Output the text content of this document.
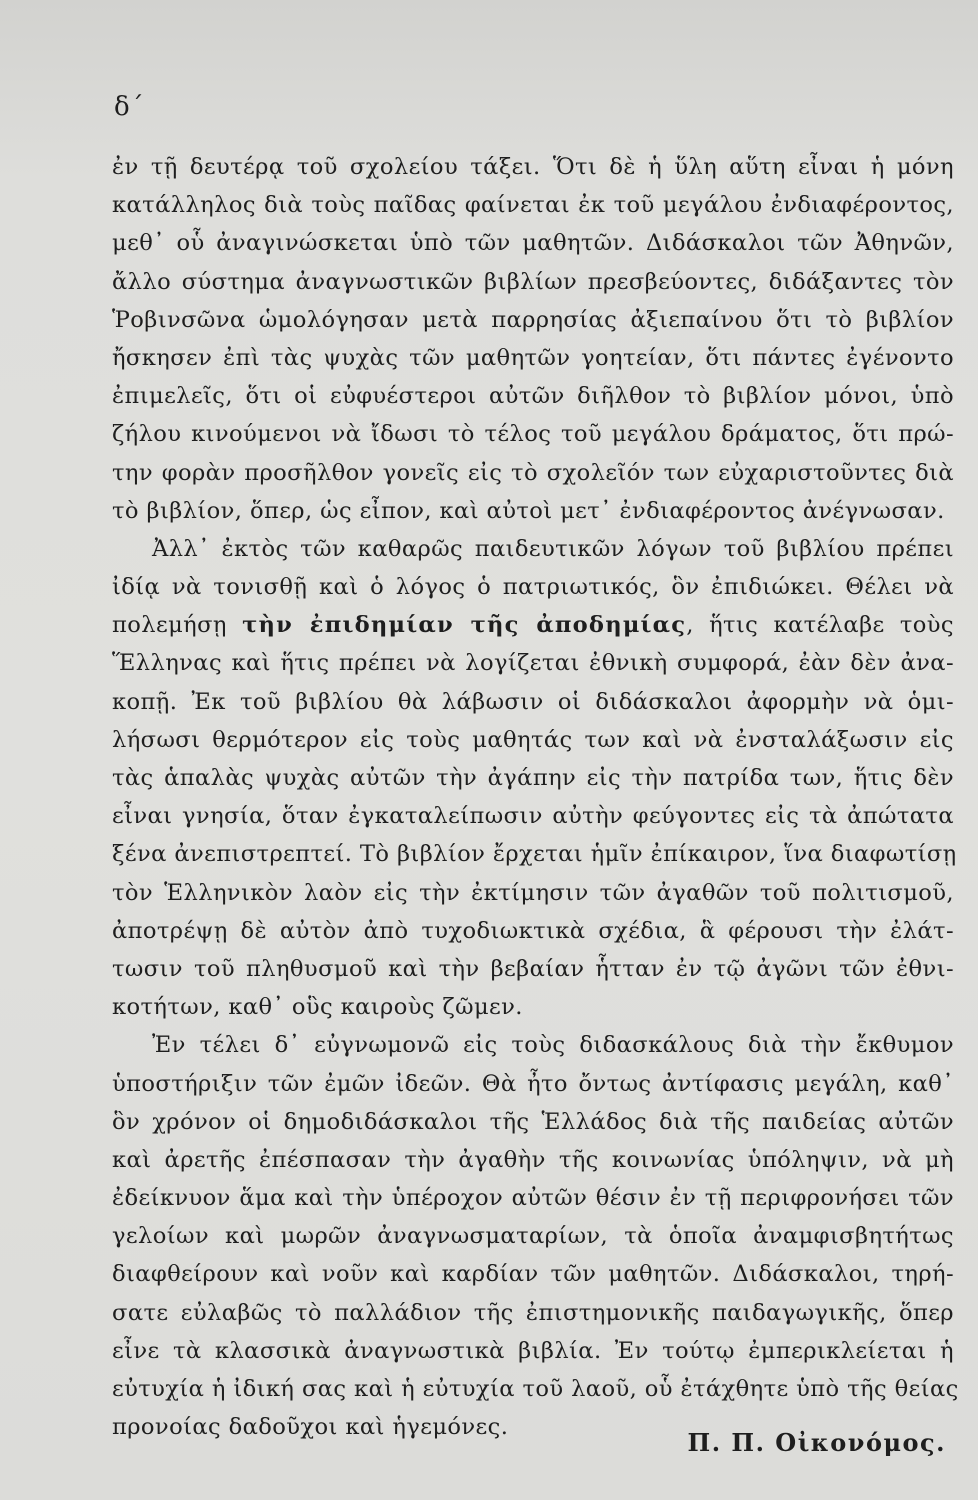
δ΄
ἐν τῇ δευτέρᾳ τοῦ σχολείου τάξει. Ὅτι δὲ ἡ ὕλη αὕτη εἶναι ἡ μόνη
κατάλληλος διὰ τοὺς παῖδας φαίνεται ἐκ τοῦ μεγάλου ἐνδιαφέροντος,
μεθ᾽ οὗ ἀναγινώσκεται ὑπὸ τῶν μαθητῶν. Διδάσκαλοι τῶν Ἀθηνῶν,
ἄλλο σύστημα ἀναγνωστικῶν βιβλίων πρεσβεύοντες, διδάξαντες τὸν
Ῥοβινσῶνα ὡμολόγησαν μετὰ παρρησίας ἀξιεπαίνου ὅτι τὸ βιβλίον
ἤσκησεν ἐπὶ τὰς ψυχὰς τῶν μαθητῶν γοητείαν, ὅτι πάντες ἐγένοντο
ἐπιμελεῖς, ὅτι οἱ εὐφυέστεροι αὐτῶν διῆλθον τὸ βιβλίον μόνοι, ὑπὸ
ζήλου κινούμενοι νὰ ἴδωσι τὸ τέλος τοῦ μεγάλου δράματος, ὅτι πρώ-
την φορὰν προσῆλθον γονεῖς εἰς τὸ σχολεῖόν των εὐχαριστοῦντες διὰ
τὸ βιβλίον, ὅπερ, ὡς εἶπον, καὶ αὐτοὶ μετ᾽ ἐνδιαφέροντος ἀνέγνωσαν.
Ἀλλ᾽ ἐκτὸς τῶν καθαρῶς παιδευτικῶν λόγων τοῦ βιβλίου πρέπει
ἰδίᾳ νὰ τονισθῇ καὶ ὁ λόγος ὁ πατριωτικός, ὃν ἐπιδιώκει. Θέλει νὰ
πολεμήσῃ τὴν ἐπιδημίαν τῆς ἀποδημίας, ἥτις κατέλαβε τοὺς
Ἕλληνας καὶ ἥτις πρέπει νὰ λογίζεται ἐθνικὴ συμφορά, ἐὰν δὲν ἀνα-
κοπῇ. Ἐκ τοῦ βιβλίου θὰ λάβωσιν οἱ διδάσκαλοι ἀφορμὴν νὰ ὁμι-
λήσωσι θερμότερον εἰς τοὺς μαθητάς των καὶ νὰ ἐνσταλάξωσιν εἰς
τὰς ἁπαλὰς ψυχὰς αὐτῶν τὴν ἀγάπην εἰς τὴν πατρίδα των, ἥτις δὲν
εἶναι γνησία, ὅταν ἐγκαταλείπωσιν αὐτὴν φεύγοντες εἰς τὰ ἀπώτατα
ξένα ἀνεπιστρεπτεί. Τὸ βιβλίον ἔρχεται ἡμῖν ἐπίκαιρον, ἵνα διαφωτίσῃ
τὸν Ἑλληνικὸν λαὸν εἰς τὴν ἐκτίμησιν τῶν ἀγαθῶν τοῦ πολιτισμοῦ,
ἀποτρέψῃ δὲ αὐτὸν ἀπὸ τυχοδιωκτικὰ σχέδια, ἃ φέρουσι τὴν ἐλάτ-
τωσιν τοῦ πληθυσμοῦ καὶ τὴν βεβαίαν ἧτταν ἐν τῷ ἀγῶνι τῶν ἐθνι-
κοτήτων, καθ᾽ οὓς καιροὺς ζῶμεν.
Ἐν τέλει δ᾽ εὐγνωμονῶ εἰς τοὺς διδασκάλους διὰ τὴν ἔκθυμον
ὑποστήριξιν τῶν ἐμῶν ἰδεῶν. Θὰ ἦτο ὄντως ἀντίφασις μεγάλη, καθ᾽
ὃν χρόνον οἱ δημοδιδάσκαλοι τῆς Ἑλλάδος διὰ τῆς παιδείας αὐτῶν
καὶ ἀρετῆς ἐπέσπασαν τὴν ἀγαθὴν τῆς κοινωνίας ὑπόληψιν, νὰ μὴ
ἐδείκνυον ἅμα καὶ τὴν ὑπέροχον αὐτῶν θέσιν ἐν τῇ περιφρονήσει τῶν
γελοίων καὶ μωρῶν ἀναγνωσματαρίων, τὰ ὁποῖα ἀναμφισβητήτως
διαφθείρουν καὶ νοῦν καὶ καρδίαν τῶν μαθητῶν. Διδάσκαλοι, τηρή-
σατε εὐλαβῶς τὸ παλλάδιον τῆς ἐπιστημονικῆς παιδαγωγικῆς, ὅπερ
εἶνε τὰ κλασσικὰ ἀναγνωστικὰ βιβλία. Ἐν τούτῳ ἐμπερικλείεται ἡ
εὐτυχία ἡ ἰδική σας καὶ ἡ εὐτυχία τοῦ λαοῦ, οὗ ἐτάχθητε ὑπὸ τῆς θείας
προνοίας δαδοῦχοι καὶ ἡγεμόνες.
Π. Π. Οἰκονόμος.
